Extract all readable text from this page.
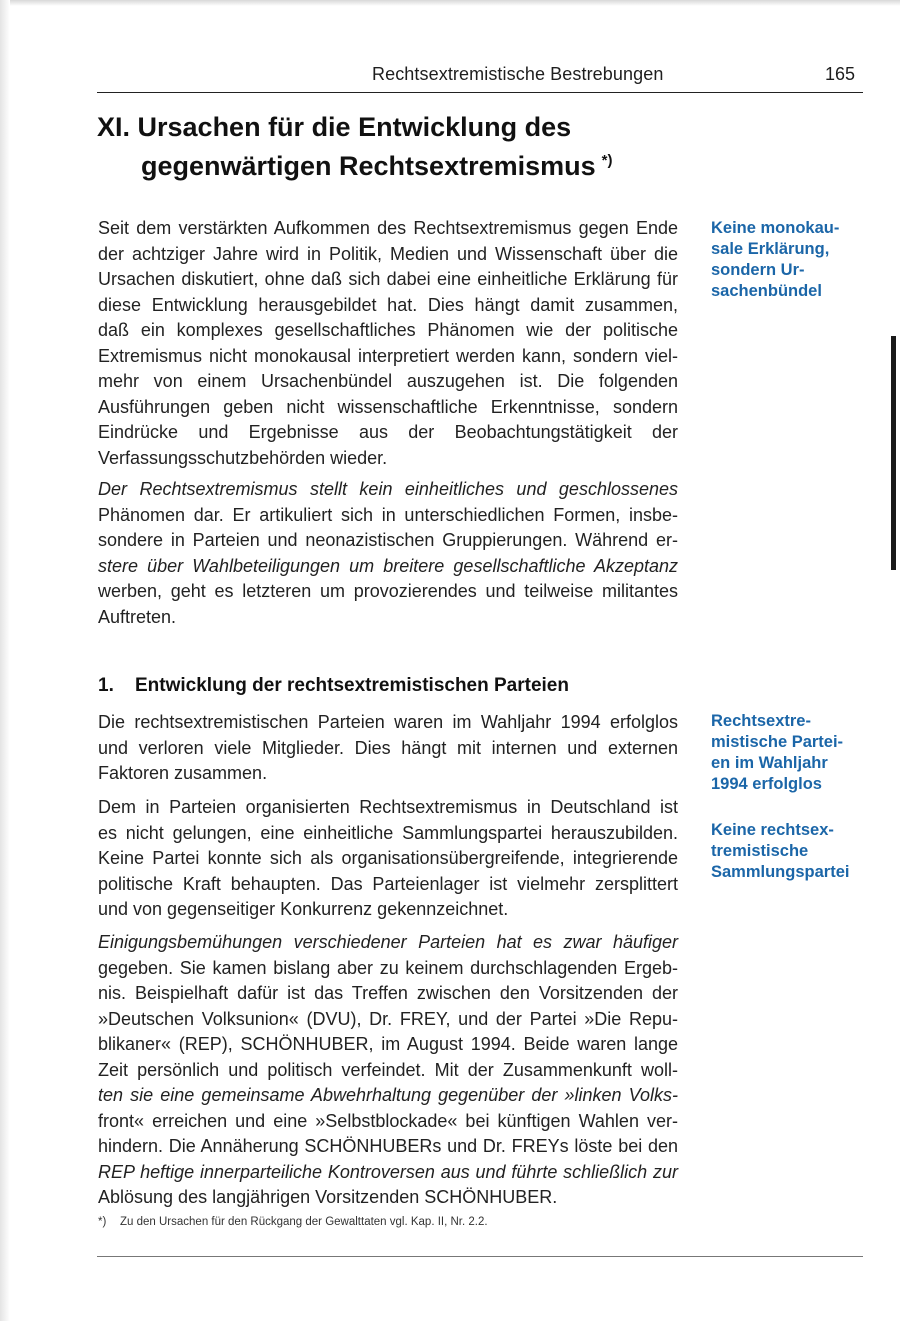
Rechtsextremistische Bestrebungen	165
XI. Ursachen für die Entwicklung des
gegenwärtigen Rechtsextremismus *)

Seit dem verstärkten Aufkommen des Rechtsextremismus gegen Ende
der achtziger Jahre wird in Politik, Medien und Wissenschaft über die
Ursachen diskutiert, ohne daß sich dabei eine einheitliche Erklärung für
diese Entwicklung herausgebildet hat. Dies hängt damit zusammen,
daß ein komplexes gesellschaftliches Phänomen wie der politische
Extremismus nicht monokausal interpretiert werden kann, sondern viel-
mehr von einem Ursachenbündel auszugehen ist. Die folgenden
Ausführungen geben nicht wissenschaftliche Erkenntnisse, sondern
Eindrücke und Ergebnisse aus der Beobachtungstätigkeit der
Verfassungsschutzbehörden wieder.

Der Rechtsextremismus stellt kein einheitliches und geschlossenes
Phänomen dar. Er artikuliert sich in unterschiedlichen Formen, insbe-
sondere in Parteien und neonazistischen Gruppierungen. Während er-
stere über Wahlbeteiligungen um breitere gesellschaftliche Akzeptanz
werben, geht es letzteren um provozierendes und teilweise militantes
Auftreten.

1. Entwicklung der rechtsextremistischen Parteien

Die rechtsextremistischen Parteien waren im Wahljahr 1994 erfolglos
und verloren viele Mitglieder. Dies hängt mit internen und externen
Faktoren zusammen.

Dem in Parteien organisierten Rechtsextremismus in Deutschland ist
es nicht gelungen, eine einheitliche Sammlungspartei herauszubilden.
Keine Partei konnte sich als organisationsübergreifende, integrierende
politische Kraft behaupten. Das Parteienlager ist vielmehr zersplittert
und von gegenseitiger Konkurrenz gekennzeichnet.

Einigungsbemühungen verschiedener Parteien hat es zwar häufiger
gegeben. Sie kamen bislang aber zu keinem durchschlagenden Ergeb-
nis. Beispielhaft dafür ist das Treffen zwischen den Vorsitzenden der
»Deutschen Volksunion« (DVU), Dr. FREY, und der Partei »Die Repu-
blikaner« (REP), SCHÖNHUBER, im August 1994. Beide waren lange
Zeit persönlich und politisch verfeindet. Mit der Zusammenkunft woll-
ten sie eine gemeinsame Abwehrhaltung gegenüber der »linken Volks-
front« erreichen und eine »Selbstblockade« bei künftigen Wahlen ver-
hindern. Die Annäherung SCHÖNHUBERs und Dr. FREYs löste bei den
REP heftige innerparteiliche Kontroversen aus und führte schließlich zur
Ablösung des langjährigen Vorsitzenden SCHÖNHUBER.

Keine monokau-
sale Erklärung,
sondern Ur-
sachenbündel

Rechtsextre-
mistische Partei-
en im Wahljahr
1994 erfolglos

Keine rechtsex-
tremistische
Sammlungspartei

*) Zu den Ursachen für den Rückgang der Gewalttaten vgl. Kap. II, Nr. 2.2.
